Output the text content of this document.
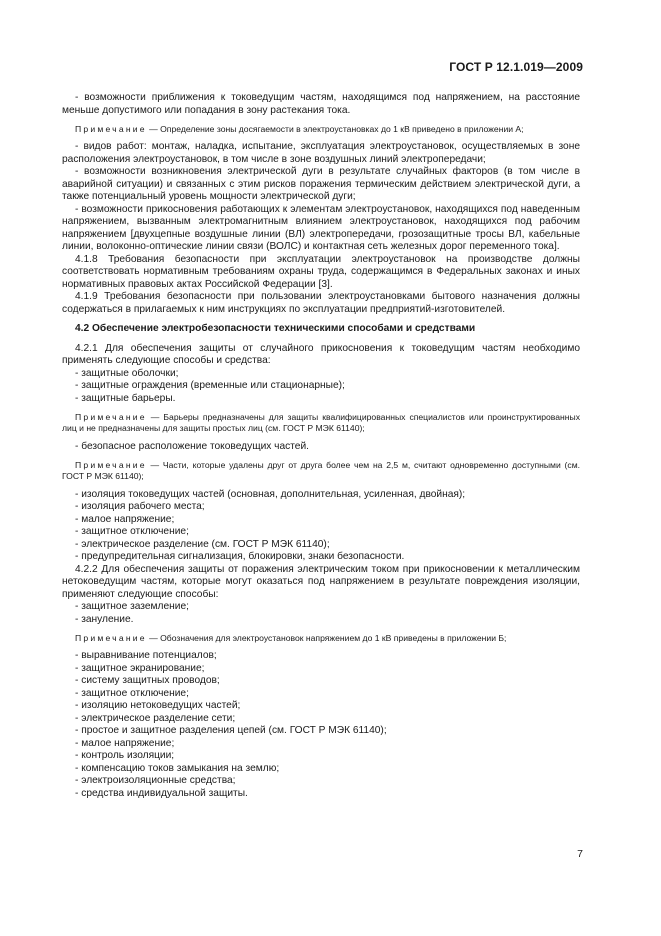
ГОСТ Р 12.1.019—2009

- возможности приближения к токоведущим частям, находящимся под напряжением, на расстояние меньше допустимого или попадания в зону растекания тока.

Примечание — Определение зоны досягаемости в электроустановках до 1 кВ приведено в приложении А;

- видов работ: монтаж, наладка, испытание, эксплуатация электроустановок, осуществляемых в зоне расположения электроустановок, в том числе в зоне воздушных линий электропередачи;

- возможности возникновения электрической дуги в результате случайных факторов (в том числе в аварийной ситуации) и связанных с этим рисков поражения термическим действием электрической дуги, а также потенциальный уровень мощности электрической дуги;

- возможности прикосновения работающих к элементам электроустановок, находящихся под наведенным напряжением, вызванным электромагнитным влиянием электроустановок, находящихся под рабочим напряжением [двухцепные воздушные линии (ВЛ) электропередачи, грозозащитные тросы ВЛ, кабельные линии, волоконно-оптические линии связи (ВОЛС) и контактная сеть железных дорог переменного тока].

4.1.8 Требования безопасности при эксплуатации электроустановок на производстве должны соответствовать нормативным требованиям охраны труда, содержащимся в Федеральных законах и иных нормативных правовых актах Российской Федерации [3].

4.1.9 Требования безопасности при пользовании электроустановками бытового назначения должны содержаться в прилагаемых к ним инструкциях по эксплуатации предприятий-изготовителей.

4.2 Обеспечение электробезопасности техническими способами и средствами

4.2.1 Для обеспечения защиты от случайного прикосновения к токоведущим частям необходимо применять следующие способы и средства:

- защитные оболочки;

- защитные ограждения (временные или стационарные);

- защитные барьеры.

Примечание — Барьеры предназначены для защиты квалифицированных специалистов или проинструктированных лиц и не предназначены для защиты простых лиц (см. ГОСТ Р МЭК 61140);

- безопасное расположение токоведущих частей.

Примечание — Части, которые удалены друг от друга более чем на 2,5 м, считают одновременно доступными (см. ГОСТ Р МЭК 61140);

- изоляция токоведущих частей (основная, дополнительная, усиленная, двойная);

- изоляция рабочего места;

- малое напряжение;

- защитное отключение;

- электрическое разделение (см. ГОСТ Р МЭК 61140);

- предупредительная сигнализация, блокировки, знаки безопасности.

4.2.2 Для обеспечения защиты от поражения электрическим током при прикосновении к металлическим нетоковедущим частям, которые могут оказаться под напряжением в результате повреждения изоляции, применяют следующие способы:

- защитное заземление;

- зануление.

Примечание — Обозначения для электроустановок напряжением до 1 кВ приведены в приложении Б;

- выравнивание потенциалов;

- защитное экранирование;

- систему защитных проводов;

- защитное отключение;

- изоляцию нетоковедущих частей;

- электрическое разделение сети;

- простое и защитное разделения цепей (см. ГОСТ Р МЭК 61140);

- малое напряжение;

- контроль изоляции;

- компенсацию токов замыкания на землю;

- электроизоляционные средства;

- средства индивидуальной защиты.

7
